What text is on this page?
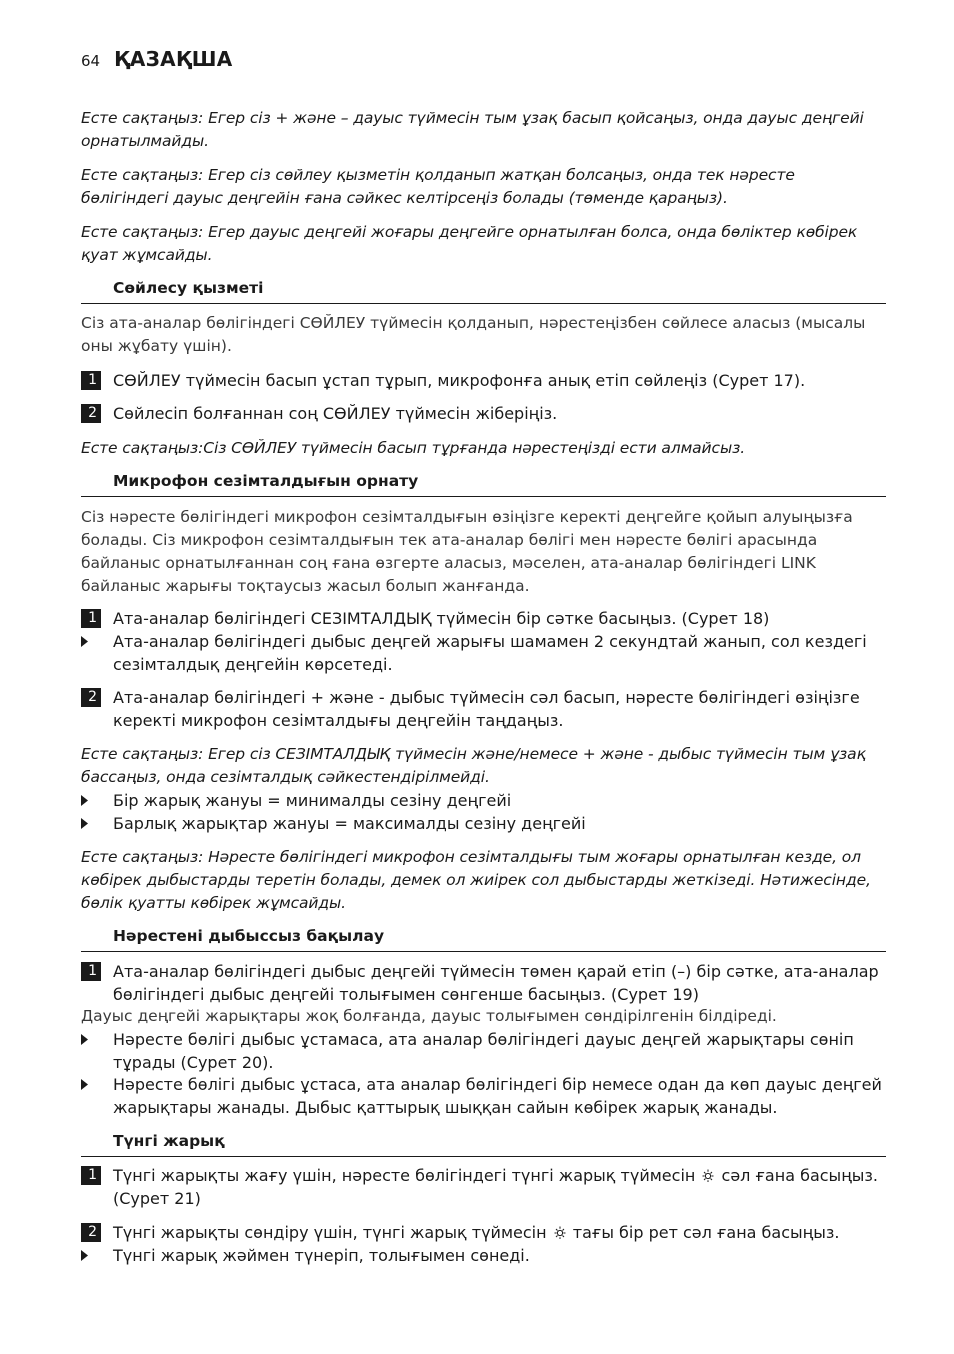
64 ҚАЗАҚША

Есте сақтаңыз: Егер сіз + және – дауыс түймесін тым ұзақ басып қойсаңыз, онда дауыс деңгейі орнатылмайды.

Есте сақтаңыз: Егер сіз сөйлеу қызметін қолданып жатқан болсаңыз, онда тек нәресте бөлігіндегі дауыс деңгейін ғана сәйкес келтірсеңіз болады (төменде қараңыз).

Есте сақтаңыз: Егер дауыс деңгейі жоғары деңгейге орнатылған болса, онда бөліктер көбірек қуат жұмсайды.

Сөйлесу қызметі

Сіз ата-аналар бөлігіндегі СӨЙЛЕУ түймесін қолданып, нәрестеңізбен сөйлесе аласыз (мысалы оны жұбату үшін).

1 СӨЙЛЕУ түймесін басып ұстап тұрып, микрофонға анық етіп сөйлеңіз (Сурет 17).
2 Сөйлесіп болғаннан соң СӨЙЛЕУ түймесін жіберіңіз.

Есте сақтаңыз:Сіз СӨЙЛЕУ түймесін басып тұрғанда нәрестеңізді ести алмайсыз.

Микрофон сезімталдығын орнату

Сіз нәресте бөлігіндегі микрофон сезімталдығын өзіңізге керекті деңгейге қойып алуыңызға болады. Сіз микрофон сезімталдығын тек ата-аналар бөлігі мен нәресте бөлігі арасында байланыс орнатылғаннан соң ғана өзгерте аласыз, мәселен, ата-аналар бөлігіндегі LINK байланыс жарығы тоқтаусыз жасыл болып жанғанда.

1 Ата-аналар бөлігіндегі СЕЗІМТАЛДЫҚ түймесін бір сәтке басыңыз. (Сурет 18)
Ата-аналар бөлігіндегі дыбыс деңгей жарығы шамамен 2 секундтай жанып, сол кездегі сезімталдық деңгейін көрсетеді.
2 Ата-аналар бөлігіндегі + және - дыбыс түймесін сәл басып, нәресте бөлігіндегі өзіңізге керекті микрофон сезімталдығы деңгейін таңдаңыз.

Есте сақтаңыз: Егер сіз СЕЗІМТАЛДЫҚ түймесін және/немесе + және - дыбыс түймесін тым ұзақ бассаңыз, онда сезімталдық сәйкестендірілмейді.

Бір жарық жануы = минималды сезіну деңгейі
Барлық жарықтар жануы = максималды сезіну деңгейі

Есте сақтаңыз: Нәресте бөлігіндегі микрофон сезімталдығы тым жоғары орнатылған кезде, ол көбірек дыбыстарды теретін болады, демек ол жиірек сол дыбыстарды жеткізеді. Нәтижесінде, бөлік қуатты көбірек жұмсайды.

Нәрестені дыбыссыз бақылау
1 Ата-аналар бөлігіндегі дыбыс деңгейі түймесін төмен қарай етіп (–) бір сәтке, ата-аналар бөлігіндегі дыбыс деңгейі толығымен сөнгенше басыңыз. (Сурет 19)

Дауыс деңгейі жарықтары жоқ болғанда, дауыс толығымен сөндірілгенін білдіреді.

Нәресте бөлігі дыбыс ұстамаса, ата аналар бөлігіндегі дауыс деңгей жарықтары сөніп тұрады (Сурет 20).
Нәресте бөлігі дыбыс ұстаса, ата аналар бөлігіндегі бір немесе одан да көп дауыс деңгей жарықтары жанады. Дыбыс қаттырық шыққан сайын көбірек жарық жанады.
Түнгі жарық
1 Түнгі жарықты жағу үшін, нәресте бөлігіндегі түнгі жарық түймесін сәл ғана басыңыз. (Сурет 21)
2 Түнгі жарықты сөндіру үшін, түнгі жарық түймесін тағы бір рет сәл ғана басыңыз.
Түнгі жарық жәймен түнеріп, толығымен сөнеді.
